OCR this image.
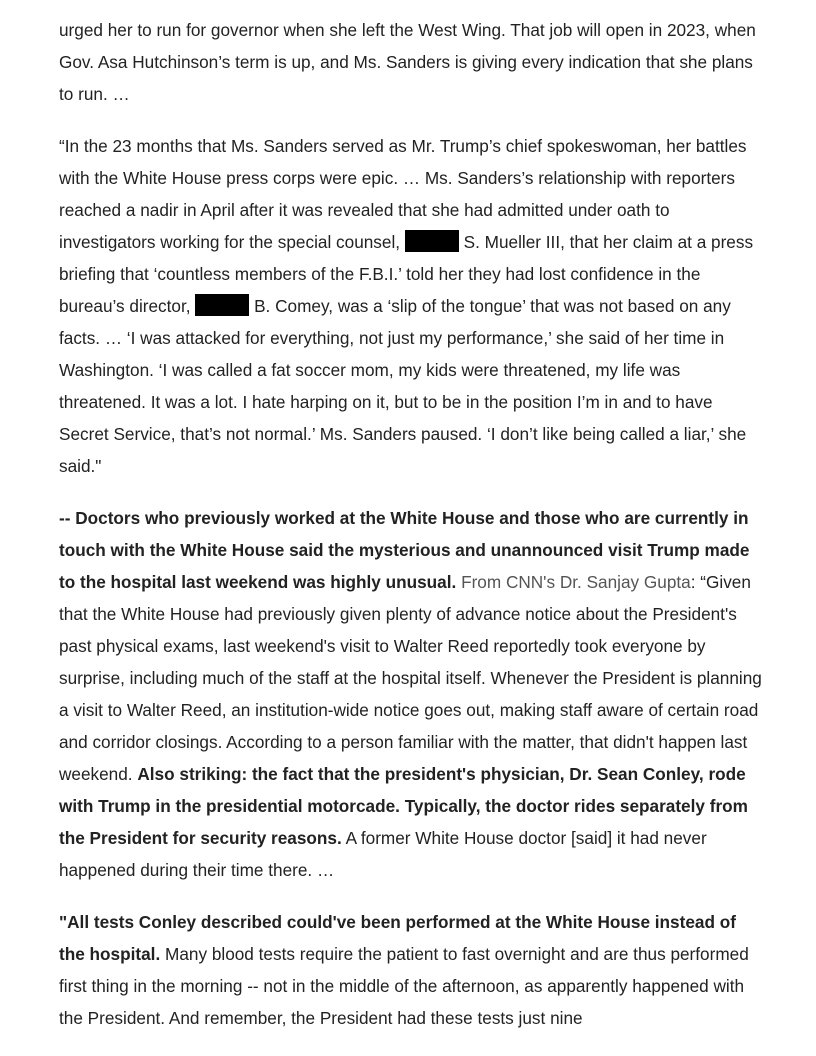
urged her to run for governor when she left the West Wing. That job will open in 2023, when Gov. Asa Hutchinson’s term is up, and Ms. Sanders is giving every indication that she plans to run. …

“In the 23 months that Ms. Sanders served as Mr. Trump’s chief spokeswoman, her battles with the White House press corps were epic. … Ms. Sanders’s relationship with reporters reached a nadir in April after it was revealed that she had admitted under oath to investigators working for the special counsel,	S. Mueller III, that her claim at a press briefing that ‘countless members of the F.B.I.’ told her they had lost confidence in the bureau’s director,	B. Comey, was a ‘slip of the tongue’ that was not based on any facts. … ‘I was attacked for everything, not just my performance,’ she said of her time in Washington. ‘I was called a fat soccer mom, my kids were threatened, my life was threatened. It was a lot. I hate harping on it, but to be in the position I’m in and to have Secret Service, that’s not normal.’ Ms. Sanders paused. ‘I don’t like being called a liar,’ she said."

-- Doctors who previously worked at the White House and those who are currently in touch with the White House said the mysterious and unannounced visit Trump made to the hospital last weekend was highly unusual. From CNN's Dr. Sanjay Gupta: “Given that the White House had previously given plenty of advance notice about the President's past physical exams, last weekend's visit to Walter Reed reportedly took everyone by surprise, including much of the staff at the hospital itself. Whenever the President is planning a visit to Walter Reed, an institution-wide notice goes out, making staff aware of certain road and corridor closings. According to a person familiar with the matter, that didn't happen last weekend. Also striking: the fact that the president's physician, Dr. Sean Conley, rode with Trump in the presidential motorcade. Typically, the doctor rides separately from the President for security reasons. A former White House doctor [said] it had never happened during their time there. …

"All tests Conley described could've been performed at the White House instead of the hospital. Many blood tests require the patient to fast overnight and are thus performed first thing in the morning -- not in the middle of the afternoon, as apparently happened with the President. And remember, the President had these tests just nine
